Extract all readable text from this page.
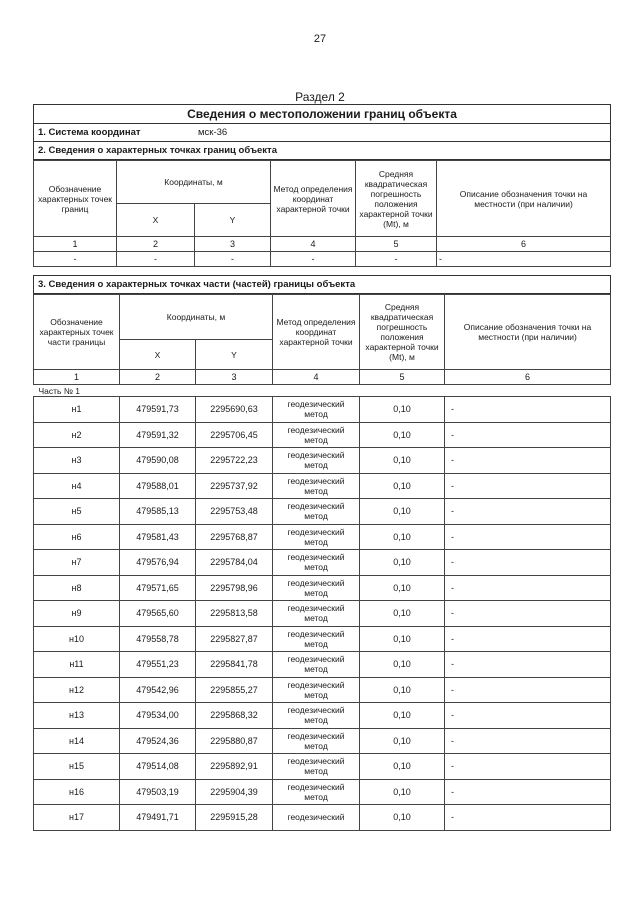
27
Раздел 2
Сведения о местоположении границ объекта
1. Система координат	мск-36
2. Сведения о характерных точках границ объекта
Обозначение характерных точек границ	Координаты, м		Метод определения координат характерной точки	Средняя квадратическая погрешность положения характерной точки (Mt), м	Описание обозначения точки на местности (при наличии)
	X	Y			
1	2	3	4	5	6
-	-	-	-	-	-
3. Сведения о характерных точках части (частей) границы объекта
Обозначение характерных точек части границы	Координаты, м		Метод определения координат характерной точки	Средняя квадратическая погрешность положения характерной точки (Mt), м	Описание обозначения точки на местности (при наличии)
	X	Y			
1	2	3	4	5	6
Часть № 1					
н1	479591,73	2295690,63	геодезический метод	0,10	-
н2	479591,32	2295706,45	геодезический метод	0,10	-
н3	479590,08	2295722,23	геодезический метод	0,10	-
н4	479588,01	2295737,92	геодезический метод	0,10	-
н5	479585,13	2295753,48	геодезический метод	0,10	-
н6	479581,43	2295768,87	геодезический метод	0,10	-
н7	479576,94	2295784,04	геодезический метод	0,10	-
н8	479571,65	2295798,96	геодезический метод	0,10	-
н9	479565,60	2295813,58	геодезический метод	0,10	-
н10	479558,78	2295827,87	геодезический метод	0,10	-
н11	479551,23	2295841,78	геодезический метод	0,10	-
н12	479542,96	2295855,27	геодезический метод	0,10	-
н13	479534,00	2295868,32	геодезический метод	0,10	-
н14	479524,36	2295880,87	геодезический метод	0,10	-
н15	479514,08	2295892,91	геодезический метод	0,10	-
н16	479503,19	2295904,39	геодезический метод	0,10	-
н17	479491,71	2295915,28	геодезический	0,10	-
